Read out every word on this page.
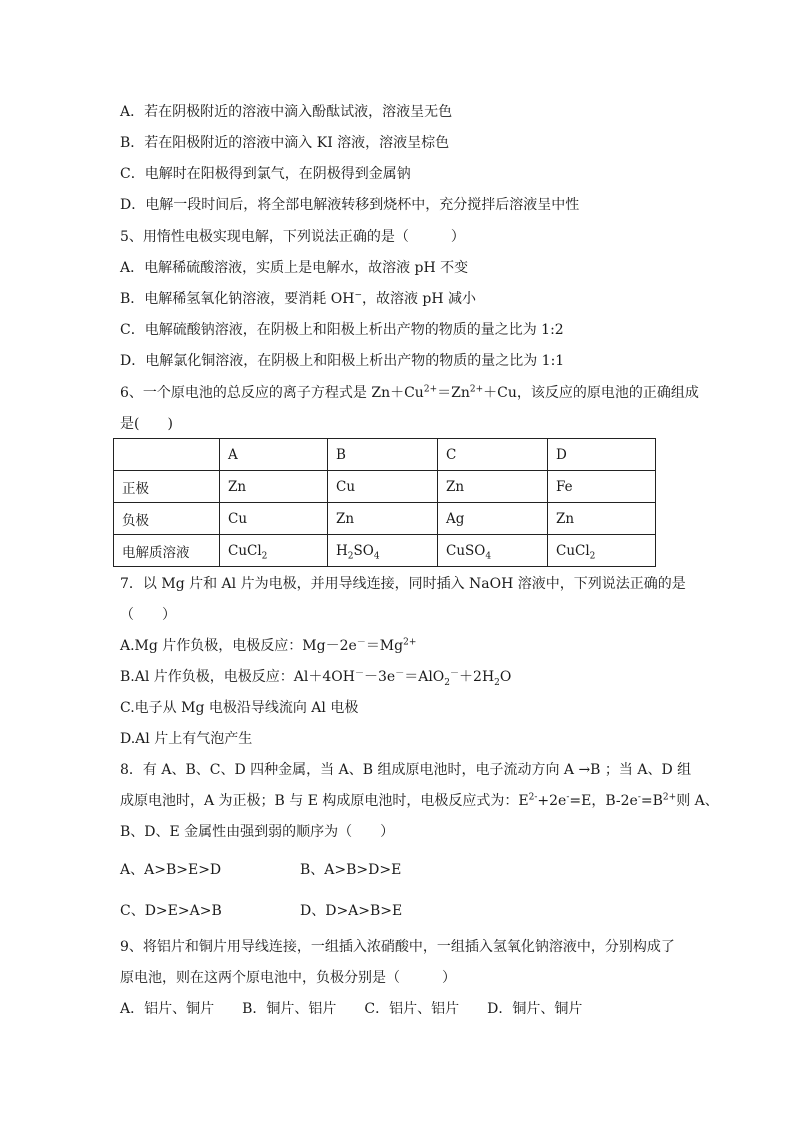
A．若在阴极附近的溶液中滴入酚酞试液，溶液呈无色
B．若在阳极附近的溶液中滴入 KI 溶液，溶液呈棕色
C．电解时在阳极得到氯气，在阴极得到金属钠
D．电解一段时间后，将全部电解液转移到烧杯中，充分搅拌后溶液呈中性
5、用惰性电极实现电解，下列说法正确的是（　　　）
A．电解稀硫酸溶液，实质上是电解水，故溶液 pH 不变
B．电解稀氢氧化钠溶液，要消耗 OH−，故溶液 pH 减小
C．电解硫酸钠溶液，在阴极上和阳极上析出产物的物质的量之比为 1:2
D．电解氯化铜溶液，在阴极上和阳极上析出产物的物质的量之比为 1:1
6、一个原电池的总反应的离子方程式是 $Zn+Cu^{2+}=Zn^{2+}+Cu$，该反应的原电池的正确组成
是(　　)
	A	B	C	D
正极	Zn	Cu	Zn	Fe
负极	Cu	Zn	Ag	Zn
电解质溶液	CuCl$_2$	$H_2SO_4$	CuSO$_4$	CuCl$_2$
7．以 Mg 片和 Al 片为电极，并用导线连接，同时插入 NaOH 溶液中，下列说法正确的是
（　　）
A.Mg 片作负极，电极反应：$Mg-2e^-=Mg^{2+}$
B.Al 片作负极，电极反应：$Al+4OH^--3e^-=AlO_2^-+2H_2O$
C.电子从 Mg 电极沿导线流向 Al 电极
D.Al 片上有气泡产生
8．有 A、B、C、D 四种金属，当 A、B 组成原电池时，电子流动方向 A →B ；当 A、D 组
成原电池时，A 为正极；B 与 E 构成原电池时，电极反应式为：$E^{2-}+2e^-=E$，$B-2e^-=B^{2+}$则 A、
B、D、E 金属性由强到弱的顺序为（　　）
A、A>B>E>D	B、A>B>D>E
C、D>E>A>B	D、D>A>B>E
9、将铝片和铜片用导线连接，一组插入浓硝酸中，一组插入氢氧化钠溶液中，分别构成了
原电池，则在这两个原电池中，负极分别是（　　　）
A．铝片、铜片　　B．铜片、铝片　　C．铝片、铝片　　D．铜片、铜片
